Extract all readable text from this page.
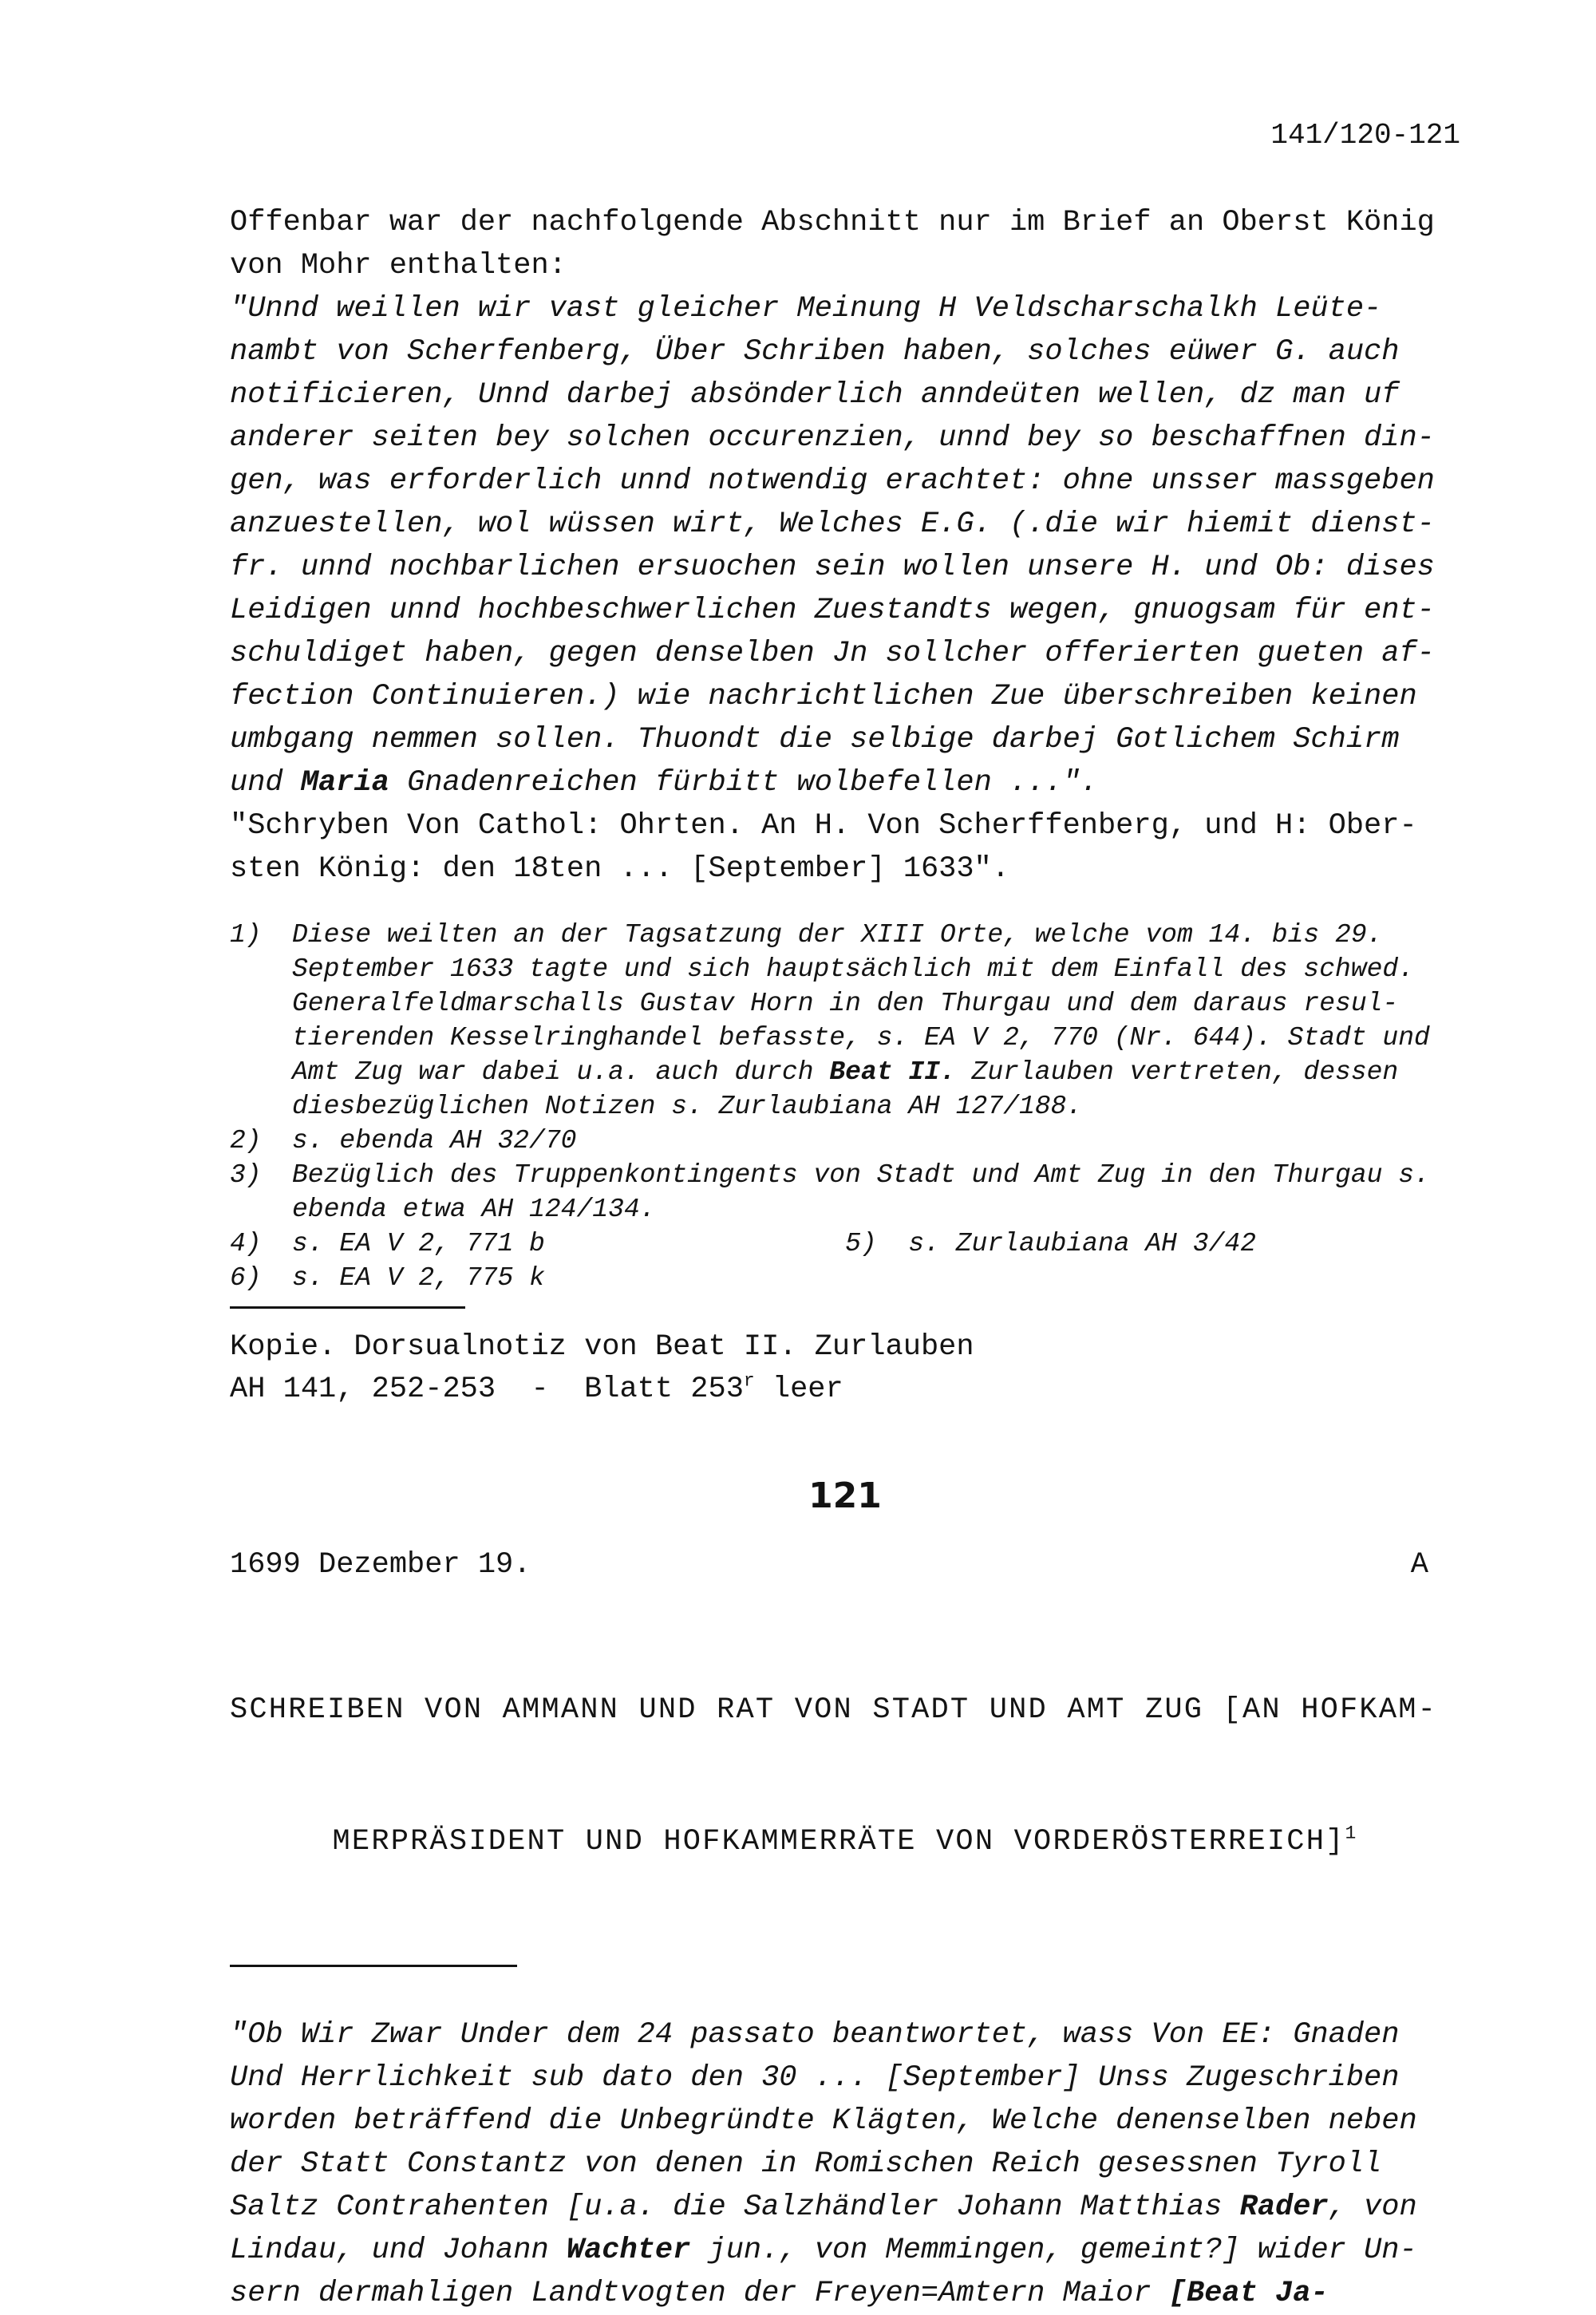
141/120-121
Offenbar war der nachfolgende Abschnitt nur im Brief an Oberst König
von Mohr enthalten:
"Unnd weillen wir vast gleicher Meinung H Veldscharschalkh Leüte-
nambt von Scherfenberg, Über Schriben haben, solches eüwer G. auch
notificieren, Unnd darbej absönderlich anndeüten wellen, dz man uf
anderer seiten bey solchen occurenzien, unnd bey so beschaffnen din-
gen, was erforderlich unnd notwendig erachtet: ohne unsser massgeben
anzuestellen, wol wüssen wirt, Welches E.G. (.die wir hiemit dienst-
fr. unnd nochbarlichen ersuochen sein wollen unsere H. und Ob: dises
Leidigen unnd hochbeschwerlichen Zuestandts wegen, gnuogsam für ent-
schuldiget haben, gegen denselben Jn sollcher offerierten gueten af-
fection Continuieren.) wie nachrichtlichen Zue überschreiben keinen
umbgang nemmen sollen. Thuondt die selbige darbej Gotlichem Schirm
und Maria Gnadenreichen fürbitt wolbefellen ...".
"Schryben Von Cathol: Ohrten. An H. Von Scherffenberg, und H: Ober-
sten König: den 18ten ... [September] 1633".
1)	Diese weilten an der Tagsatzung der XIII Orte, welche vom 14. bis 29.
September 1633 tagte und sich hauptsächlich mit dem Einfall des schwed.
Generalfeldmarschalls Gustav Horn in den Thurgau und dem daraus resul-
tierenden Kesselringhandel befasste, s. EA V 2, 770 (Nr. 644). Stadt und
Amt Zug war dabei u.a. auch durch Beat II. Zurlauben vertreten, dessen
diesbezüglichen Notizen s. Zurlaubiana AH 127/188.
2)	s. ebenda AH 32/70
3)	Bezüglich des Truppenkontingents von Stadt und Amt Zug in den Thurgau s.
ebenda etwa AH 124/134.
4)	s. EA V 2, 771 b                   5)  s. Zurlaubiana AH 3/42
6)	s. EA V 2, 775 k
Kopie. Dorsualnotiz von Beat II. Zurlauben
AH 141, 252-253  -  Blatt 253$^r$ leer
121
1699 Dezember 19.	A

SCHREIBEN VON AMMANN UND RAT VON STADT UND AMT ZUG [AN HOFKAM-

MERPRÄSIDENT UND HOFKAMMERRÄTE VON VORDERÖSTERREICH]$^1$

"Ob Wir Zwar Under dem 24 passato beantwortet, wass Von EE: Gnaden
Und Herrlichkeit sub dato den 30 ... [September] Unss Zugeschriben
worden beträffend die Unbegründte Klägten, Welche denenselben neben
der Statt Constantz von denen in Romischen Reich gesessnen Tyroll
Saltz Contrahenten [u.a. die Salzhändler Johann Matthias Rader, von
Lindau, und Johann Wachter jun., von Memmingen, gemeint?] wider Un-
sern dermahligen Landtvogten der Freyen=Amtern Maior [Beat Ja-
